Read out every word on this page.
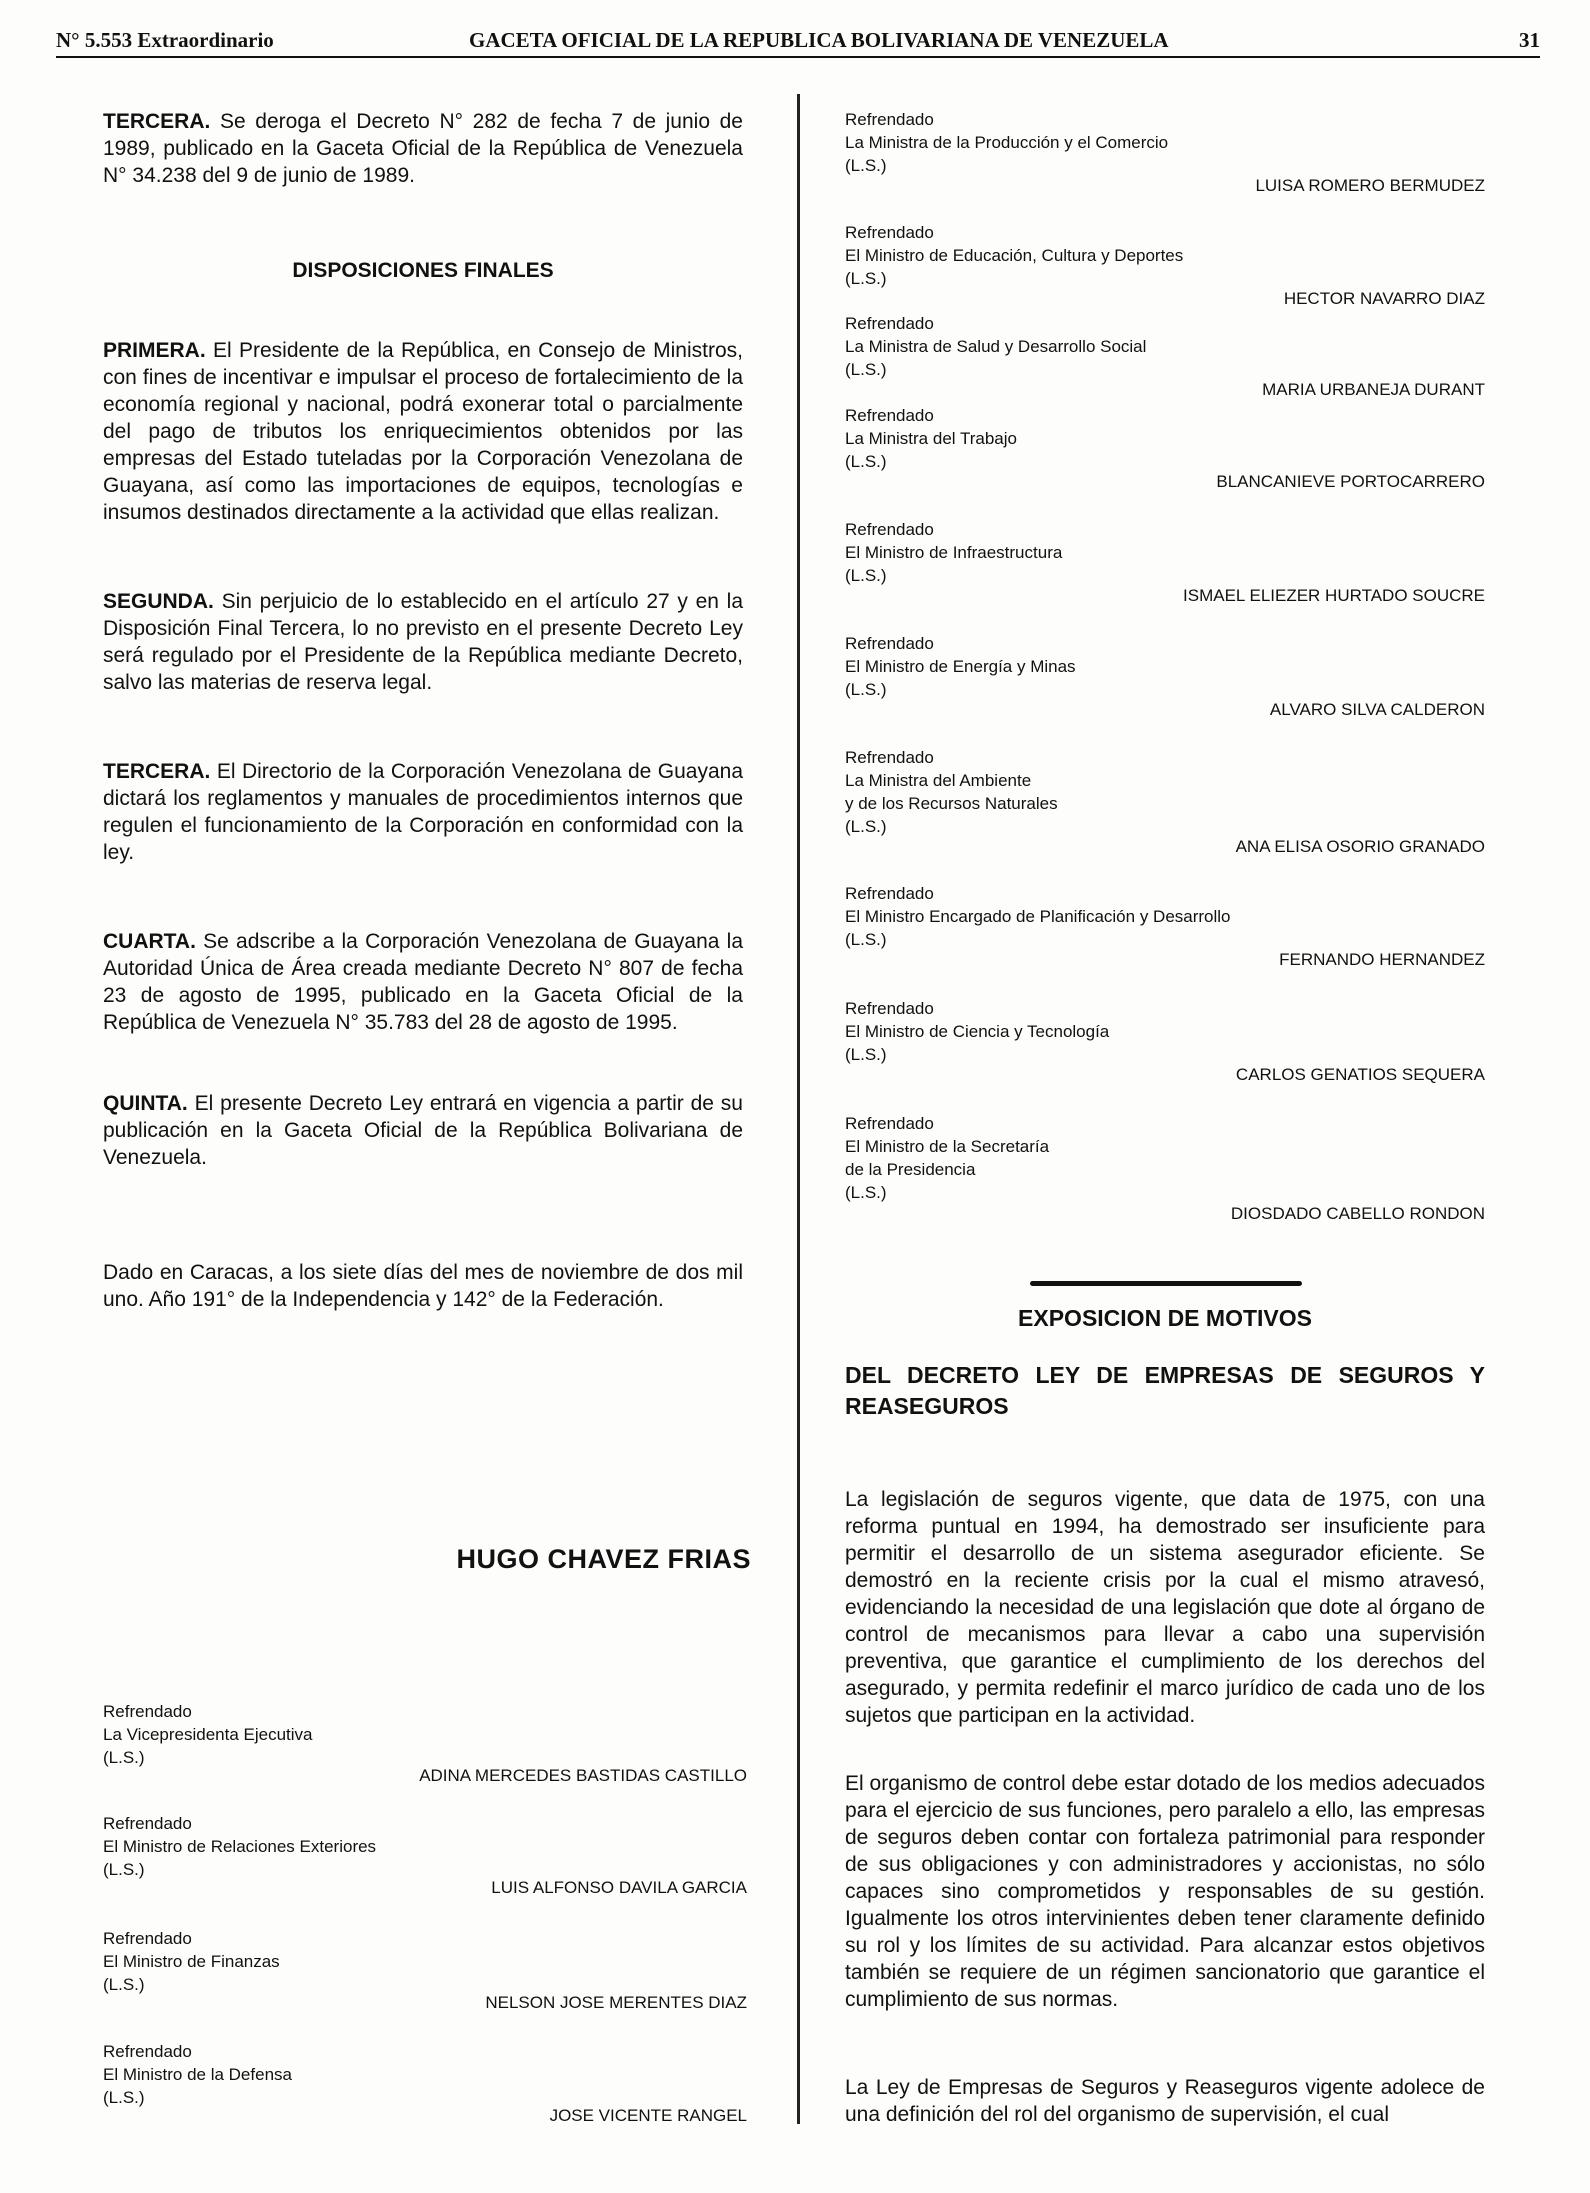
N° 5.553 Extraordinario	GACETA OFICIAL DE LA REPUBLICA BOLIVARIANA DE VENEZUELA	31

TERCERA. Se deroga el Decreto N° 282 de fecha 7 de junio de 1989, publicado en la Gaceta Oficial de la República de Venezuela N° 34.238 del 9 de junio de 1989.

DISPOSICIONES FINALES

PRIMERA. El Presidente de la República, en Consejo de Ministros, con fines de incentivar e impulsar el proceso de fortalecimiento de la economía regional y nacional, podrá exonerar total o parcialmente del pago de tributos los enriquecimientos obtenidos por las empresas del Estado tuteladas por la Corporación Venezolana de Guayana, así como las importaciones de equipos, tecnologías e insumos destinados directamente a la actividad que ellas realizan.

SEGUNDA. Sin perjuicio de lo establecido en el artículo 27 y en la Disposición Final Tercera, lo no previsto en el presente Decreto Ley será regulado por el Presidente de la República mediante Decreto, salvo las materias de reserva legal.

TERCERA. El Directorio de la Corporación Venezolana de Guayana dictará los reglamentos y manuales de procedimientos internos que regulen el funcionamiento de la Corporación en conformidad con la ley.

CUARTA. Se adscribe a la Corporación Venezolana de Guayana la Autoridad Única de Área creada mediante Decreto N° 807 de fecha 23 de agosto de 1995, publicado en la Gaceta Oficial de la República de Venezuela N° 35.783 del 28 de agosto de 1995.

QUINTA. El presente Decreto Ley entrará en vigencia a partir de su publicación en la Gaceta Oficial de la República Bolivariana de Venezuela.

Dado en Caracas, a los siete días del mes de noviembre de dos mil uno. Año 191° de la Independencia y 142° de la Federación.

HUGO CHAVEZ FRIAS
Refrendado
La Vicepresidenta Ejecutiva
(L.S.)
ADINA MERCEDES BASTIDAS CASTILLO
Refrendado
El Ministro de Relaciones Exteriores
(L.S.)
LUIS ALFONSO DAVILA GARCIA
Refrendado
El Ministro de Finanzas
(L.S.)
NELSON JOSE MERENTES DIAZ
Refrendado
El Ministro de la Defensa
(L.S.)
JOSE VICENTE RANGEL
Refrendado
La Ministra de la Producción y el Comercio
(L.S.)
LUISA ROMERO BERMUDEZ
Refrendado
El Ministro de Educación, Cultura y Deportes
(L.S.)
HECTOR NAVARRO DIAZ
Refrendado
La Ministra de Salud y Desarrollo Social
(L.S.)
MARIA URBANEJA DURANT
Refrendado
La Ministra del Trabajo
(L.S.)
BLANCANIEVE PORTOCARRERO
Refrendado
El Ministro de Infraestructura
(L.S.)
ISMAEL ELIEZER HURTADO SOUCRE
Refrendado
El Ministro de Energía y Minas
(L.S.)
ALVARO SILVA CALDERON
Refrendado
La Ministra del Ambiente
y de los Recursos Naturales
(L.S.)
ANA ELISA OSORIO GRANADO
Refrendado
El Ministro Encargado de Planificación y Desarrollo
(L.S.)
FERNANDO HERNANDEZ
Refrendado
El Ministro de Ciencia y Tecnología
(L.S.)
CARLOS GENATIOS SEQUERA
Refrendado
El Ministro de la Secretaría
de la Presidencia
(L.S.)
DIOSDADO CABELLO RONDON
EXPOSICION DE MOTIVOS
DEL DECRETO LEY DE EMPRESAS DE SEGUROS Y REASEGUROS

La legislación de seguros vigente, que data de 1975, con una reforma puntual en 1994, ha demostrado ser insuficiente para permitir el desarrollo de un sistema asegurador eficiente. Se demostró en la reciente crisis por la cual el mismo atravesó, evidenciando la necesidad de una legislación que dote al órgano de control de mecanismos para llevar a cabo una supervisión preventiva, que garantice el cumplimiento de los derechos del asegurado, y permita redefinir el marco jurídico de cada uno de los sujetos que participan en la actividad.

El organismo de control debe estar dotado de los medios adecuados para el ejercicio de sus funciones, pero paralelo a ello, las empresas de seguros deben contar con fortaleza patrimonial para responder de sus obligaciones y con administradores y accionistas, no sólo capaces sino comprometidos y responsables de su gestión. Igualmente los otros intervinientes deben tener claramente definido su rol y los límites de su actividad. Para alcanzar estos objetivos también se requiere de un régimen sancionatorio que garantice el cumplimiento de sus normas.

La Ley de Empresas de Seguros y Reaseguros vigente adolece de una definición del rol del organismo de supervisión, el cual
